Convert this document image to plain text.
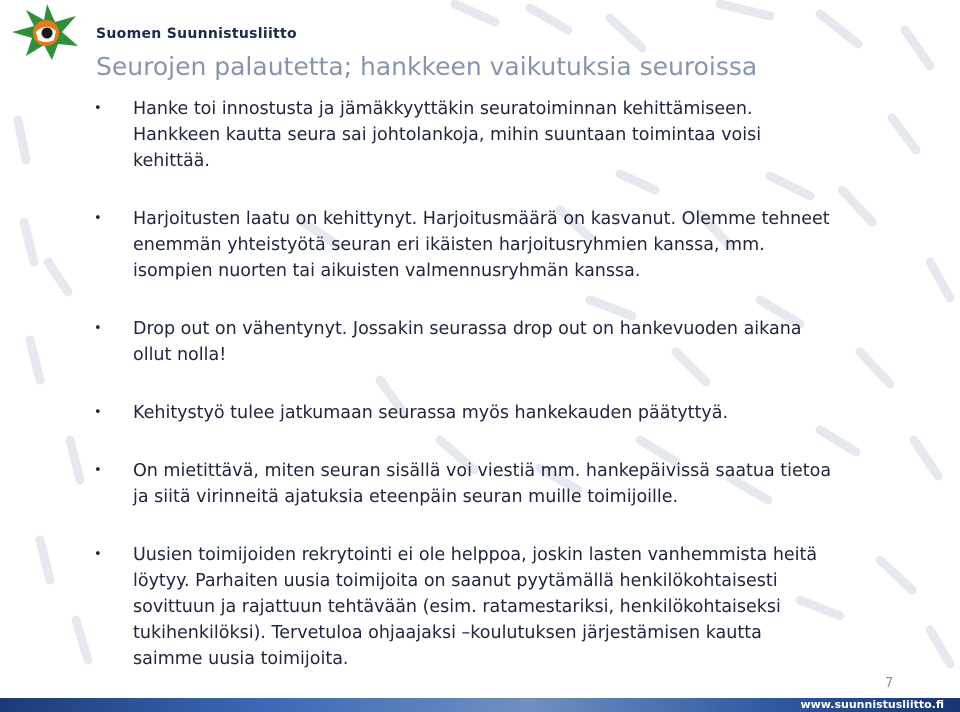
Suomen Suunnistusliitto
Seurojen palautetta; hankkeen vaikutuksia seuroissa
•	Hanke toi innostusta ja jämäkkyyttäkin seuratoiminnan kehittämiseen.
Hankkeen kautta seura sai johtolankoja, mihin suuntaan toimintaa voisi
kehittää.
•	Harjoitusten laatu on kehittynyt. Harjoitusmäärä on kasvanut. Olemme tehneet
enemmän yhteistyötä seuran eri ikäisten harjoitusryhmien kanssa, mm.
isompien nuorten tai aikuisten valmennusryhmän kanssa.
•	Drop out on vähentynyt. Jossakin seurassa drop out on hankevuoden aikana
ollut nolla!
•	Kehitystyö tulee jatkumaan seurassa myös hankekauden päätyttyä.
•	On mietittävä, miten seuran sisällä voi viestiä mm. hankepäivissä saatua tietoa
ja siitä virinneitä ajatuksia eteenpäin seuran muille toimijoille.
•	Uusien toimijoiden rekrytointi ei ole helppoa, joskin lasten vanhemmista heitä
löytyy. Parhaiten uusia toimijoita on saanut pyytämällä henkilökohtaisesti
sovittuun ja rajattuun tehtävään (esim. ratamestariksi, henkilökohtaiseksi
tukihenkilöksi). Tervetuloa ohjaajaksi –koulutuksen järjestämisen kautta
saimme uusia toimijoita.
7
www.suunnistusliitto.fi
